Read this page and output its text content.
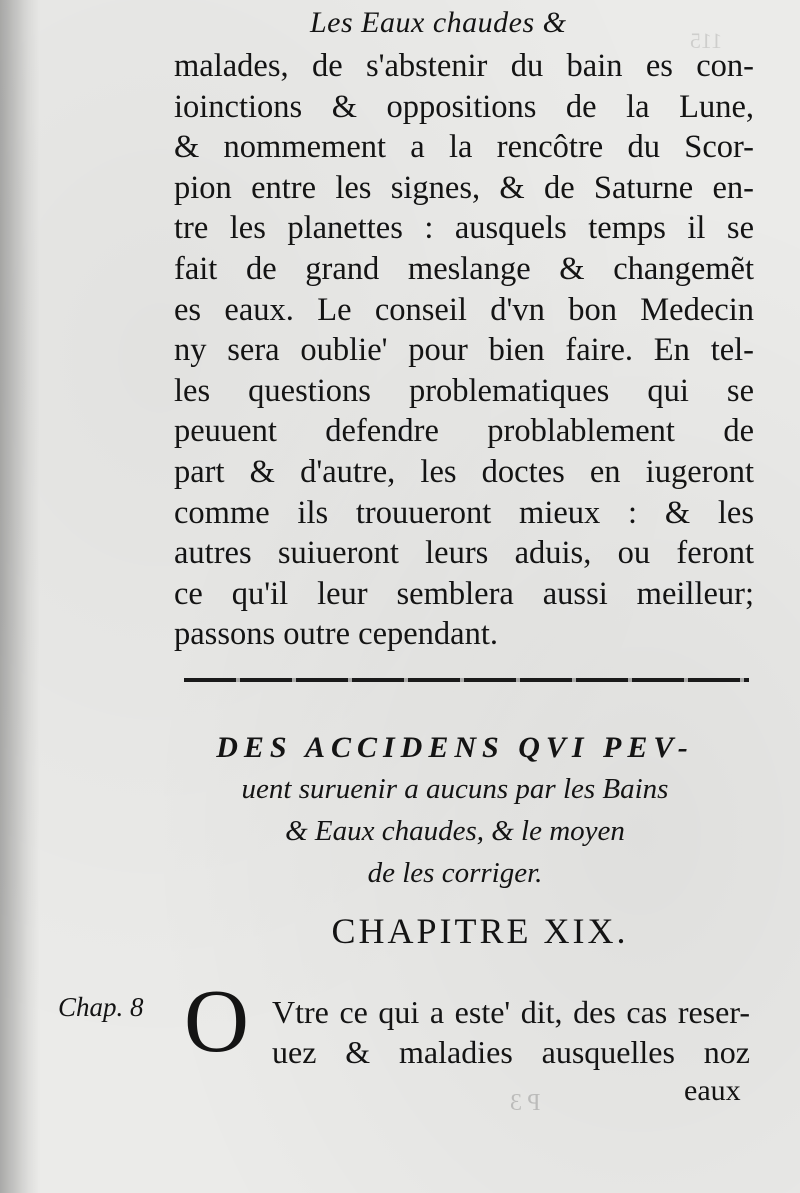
115
Les Eaux chaudes &
malades, de s'abstenir du bain es con-
ioinctions & oppositions de la Lune,
& nommement a la rencôtre du Scor-
pion entre les signes, & de Saturne en-
tre les planettes : ausquels temps il se
fait de grand meslange & changemẽt
es eaux. Le conseil d'vn bon Medecin
ny sera oublie' pour bien faire. En tel-
les questions problematiques qui se
peuuent defendre problablement de
part & d'autre, les doctes en iugeront
comme ils trouueront mieux : & les
autres suiueront leurs aduis, ou feront
ce qu'il leur semblera aussi meilleur;
passons outre cependant.
DES ACCIDENS QVI PEV-
uent suruenir a aucuns par les Bains
& Eaux chaudes, & le moyen
de les corriger.
CHAPITRE XIX.
Chap. 8 O Vtre ce qui a este' dit, des cas reser-
uez & maladies ausquelles noz
eaux
P 3
